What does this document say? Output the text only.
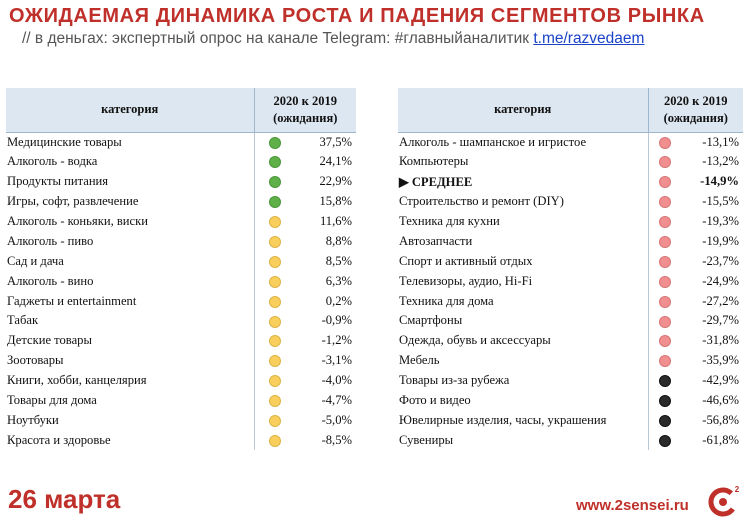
ОЖИДАЕМАЯ ДИНАМИКА РОСТА И ПАДЕНИЯ СЕГМЕНТОВ РЫНКА
// в деньгах: экспертный опрос на канале Telegram: #главныйаналитик t.me/razvedaem
категория	2020 к 2019
(ожидания)	
Медицинские товары		37,5%
Алкоголь - водка		24,1%
Продукты питания		22,9%
Игры, софт, развлечение		15,8%
Алкоголь - коньяки, виски		11,6%
Алкоголь - пиво		8,8%
Сад и дача		8,5%
Алкоголь - вино		6,3%
Гаджеты и entertainment		0,2%
Табак		-0,9%
Детские товары		-1,2%
Зоотовары		-3,1%
Книги, хобби, канцелярия		-4,0%
Товары для дома		-4,7%
Ноутбуки		-5,0%
Красота и здоровье		-8,5%
категория	2020 к 2019
(ожидания)	
Алкоголь - шампанское и игристое		-13,1%
Компьютеры		-13,2%
▶ СРЕДНЕЕ		-14,9%
Строительство и ремонт (DIY)		-15,5%
Техника для кухни		-19,3%
Автозапчасти		-19,9%
Спорт и активный отдых		-23,7%
Телевизоры, аудио, Hi-Fi		-24,9%
Техника для дома		-27,2%
Смартфоны		-29,7%
Одежда, обувь и аксессуары		-31,8%
Мебель		-35,9%
Товары из-за рубежа		-42,9%
Фото и видео		-46,6%
Ювелирные изделия, часы, украшения		-56,8%
Сувениры		-61,8%
26 марта	www.2sensei.ru
2
